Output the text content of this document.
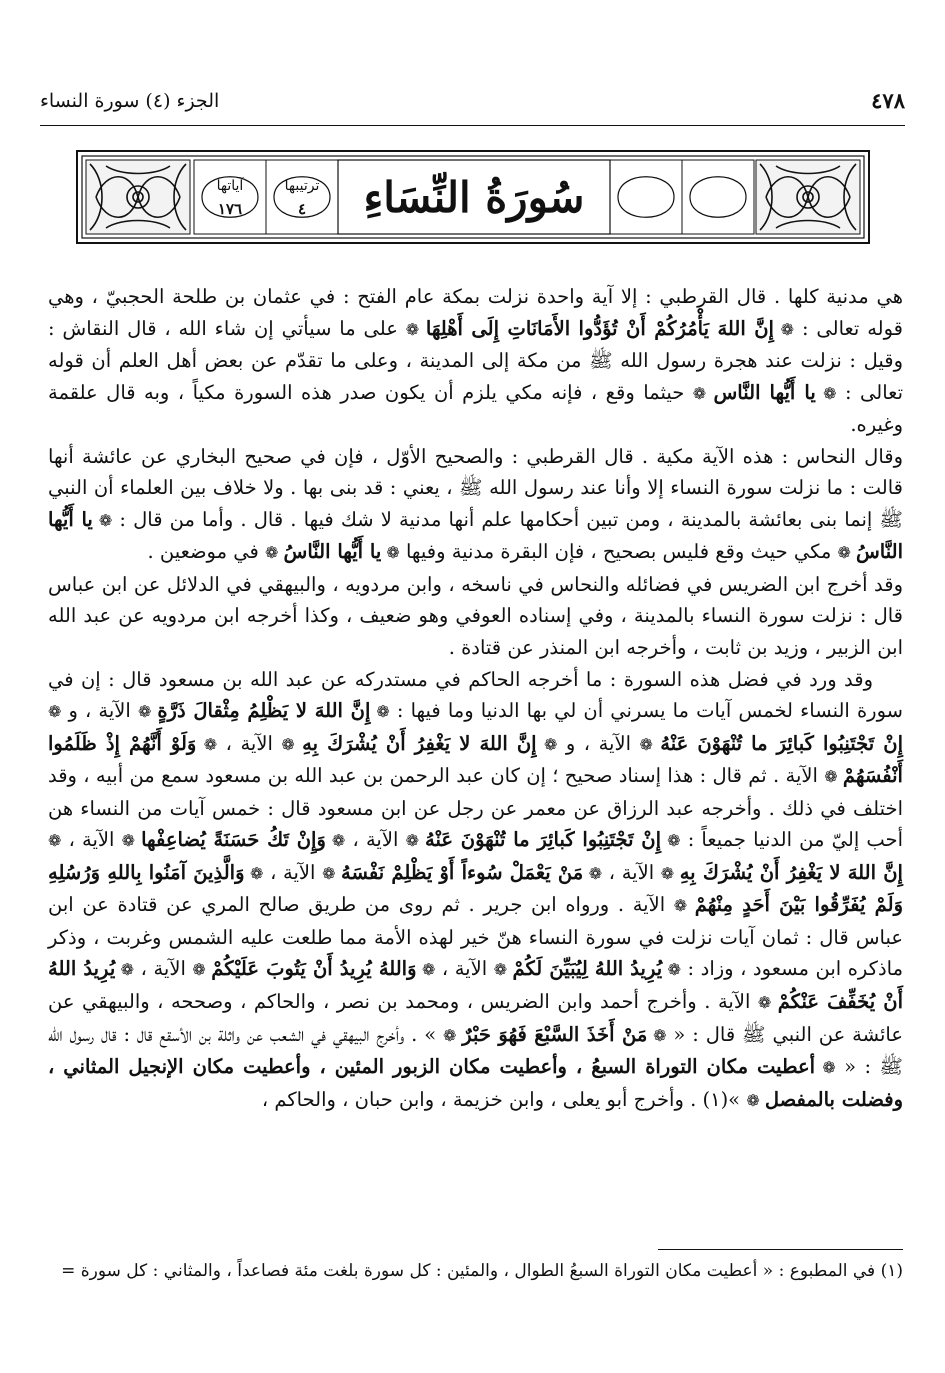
٤٧٨
الجزء (٤) سورة النساء
آياتها
١٧٦
ترتيبها
٤ سُورَةُ النِّسَاءِ

هي مدنية كلها . قال القرطبي : إلا آية واحدة نزلت بمكة عام الفتح : في عثمان بن طلحة الحجبيّ ، وهي قوله تعالى : ❁ إِنَّ اللهَ يَأْمُرُكُمْ أَنْ تُؤَدُّوا الأَمَانَاتِ إِلَى أَهْلِهَا ❁ على ما سيأتي إن شاء الله ، قال النقاش : وقيل : نزلت عند هجرة رسول الله ﷺ من مكة إلى المدينة ، وعلى ما تقدّم عن بعض أهل العلم أن قوله تعالى : ❁ يا أَيُّها النَّاس ❁ حيثما وقع ، فإنه مكي يلزم أن يكون صدر هذه السورة مكياً ، وبه قال علقمة وغيره.

وقال النحاس : هذه الآية مكية . قال القرطبي : والصحيح الأوّل ، فإن في صحيح البخاري عن عائشة أنها قالت : ما نزلت سورة النساء إلا وأنا عند رسول الله ﷺ ، يعني : قد بنى بها . ولا خلاف بين العلماء أن النبي ﷺ إنما بنى بعائشة بالمدينة ، ومن تبين أحكامها علم أنها مدنية لا شك فيها . قال . وأما من قال : ❁ يا أَيُّها النَّاسُ ❁ مكي حيث وقع فليس بصحيح ، فإن البقرة مدنية وفيها ❁ يا أَيُّها النَّاسُ ❁ في موضعين .

وقد أخرج ابن الضريس في فضائله والنحاس في ناسخه ، وابن مردويه ، والبيهقي في الدلائل عن ابن عباس قال : نزلت سورة النساء بالمدينة ، وفي إسناده العوفي وهو ضعيف ، وكذا أخرجه ابن مردويه عن عبد الله ابن الزبير ، وزيد بن ثابت ، وأخرجه ابن المنذر عن قتادة .

وقد ورد في فضل هذه السورة : ما أخرجه الحاكم في مستدركه عن عبد الله بن مسعود قال : إن في سورة النساء لخمس آيات ما يسرني أن لي بها الدنيا وما فيها : ❁ إِنَّ اللهَ لا يَظْلِمُ مِثْقالَ ذَرَّةٍ ❁ الآية ، و ❁ إِنْ تَجْتَنِبُوا كَبائِرَ ما تُنْهَوْنَ عَنْهُ ❁ الآية ، و ❁ إِنَّ اللهَ لا يَغْفِرُ أَنْ يُشْرَكَ بِهِ ❁ الآية ، ❁ وَلَوْ أَنَّهُمْ إِذْ ظَلَمُوا أَنْفُسَهُمْ ❁ الآية . ثم قال : هذا إسناد صحيح ؛ إن كان عبد الرحمن بن عبد الله بن مسعود سمع من أبيه ، وقد اختلف في ذلك . وأخرجه عبد الرزاق عن معمر عن رجل عن ابن مسعود قال : خمس آيات من النساء هن أحب إليّ من الدنيا جميعاً : ❁ إِنْ تَجْتَنِبُوا كَبائِرَ ما تُنْهَوْنَ عَنْهُ ❁ الآية ، ❁ وَإِنْ تَكُ حَسَنَةً يُضاعِفْها ❁ الآية ، ❁ إِنَّ اللهَ لا يَغْفِرُ أَنْ يُشْرَكَ بِهِ ❁ الآية ، ❁ مَنْ يَعْمَلْ سُوءاً أَوْ يَظْلِمْ نَفْسَهُ ❁ الآية ، ❁ وَالَّذِينَ آمَنُوا بِاللهِ وَرُسُلِهِ وَلَمْ يُفَرِّقُوا بَيْنَ أَحَدٍ مِنْهُمْ ❁ الآية . ورواه ابن جرير . ثم روى من طريق صالح المري عن قتادة عن ابن عباس قال : ثمان آيات نزلت في سورة النساء هنّ خير لهذه الأمة مما طلعت عليه الشمس وغربت ، وذكر ماذكره ابن مسعود ، وزاد : ❁ يُرِيدُ اللهُ لِيُبَيِّنَ لَكُمْ ❁ الآية ، ❁ وَاللهُ يُرِيدُ أَنْ يَتُوبَ عَلَيْكُمْ ❁ الآية ، ❁ يُرِيدُ اللهُ أَنْ يُخَفِّفَ عَنْكُمْ ❁ الآية . وأخرج أحمد وابن الضريس ، ومحمد بن نصر ، والحاكم ، وصححه ، والبيهقي عن عائشة عن النبي ﷺ قال : « ❁ مَنْ أَخَذَ السَّبْعَ فَهُوَ حَبْرٌ ❁ » . وأخرج البيهقي في الشعب عن واثلة بن الأسقع قال : قال رسول الله ﷺ : « ❁ أعطيت مكان التوراة السبعُ ، وأعطيت مكان الزبور المئين ، وأعطيت مكان الإنجيل المثاني ، وفضلت بالمفصل ❁ »(١) . وأخرج أبو يعلى ، وابن خزيمة ، وابن حبان ، والحاكم ،

(١) في المطبوع : « أعطيت مكان التوراة السبعُ الطوال ، والمئين : كل سورة بلغت مئة فصاعداً ، والمثاني : كل سورة =
